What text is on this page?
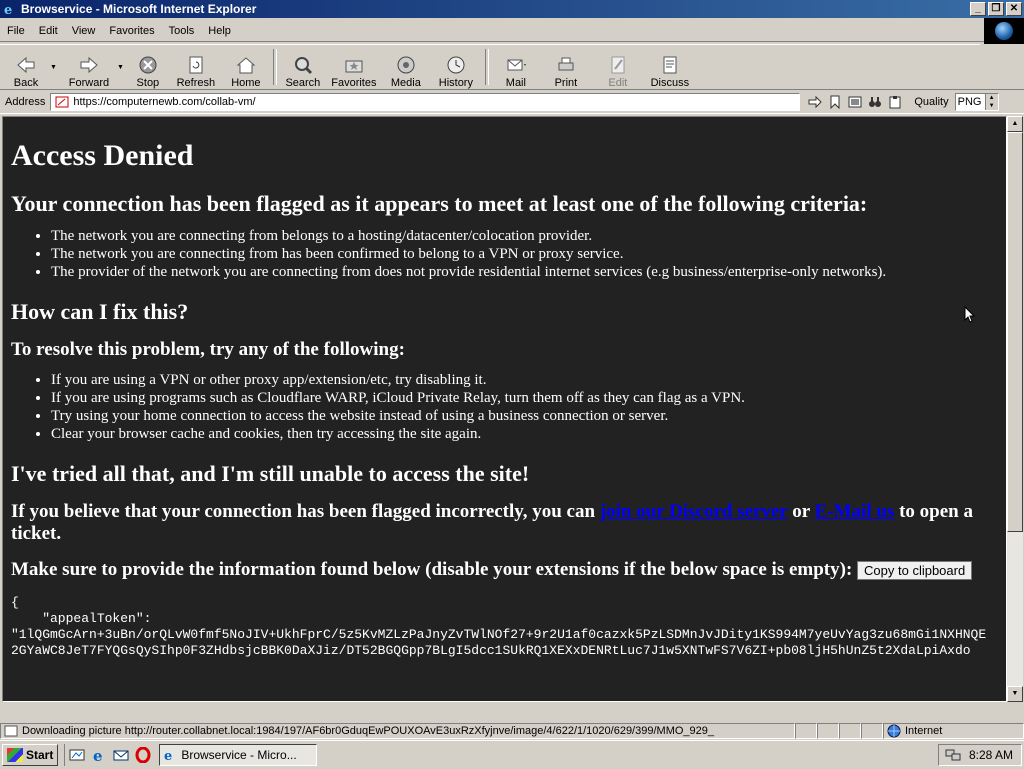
e Browservice - Microsoft Internet Explorer	_	❐ ✕
File	Edit	View	Favorites	Tools	Help
Back
▼
Forward
▼
Stop Refresh Home Search Favorites Media History	Mail	Print	Edit Discuss
Address	https://computernewb.com/collab-vm/	Quality PNG	▲
▼
Access Denied
Your connection has been flagged as it appears to meet at least one of the following criteria:
• The network you are connecting from belongs to a hosting/datacenter/colocation provider.
• The network you are connecting from has been confirmed to belong to a VPN or proxy service.
• The provider of the network you are connecting from does not provide residential internet services (e.g business/enterprise-only networks).
How can I fix this?
To resolve this problem, try any of the following:
• If you are using a VPN or other proxy app/extension/etc, try disabling it.
• If you are using programs such as Cloudflare WARP, iCloud Private Relay, turn them off as they can flag as a VPN.
• Try using your home connection to access the website instead of using a business connection or server.
• Clear your browser cache and cookies, then try accessing the site again.
I've tried all that, and I'm still unable to access the site!

If you believe that your connection has been flagged incorrectly, you can join our Discord server or E-Mail us to open a ticket.

Make sure to provide the information found below (disable your extensions if the below space is empty): Copy to clipboard

{
"appealToken":
"1lQGmGcArn+3uBn/orQLvW0fmf5NoJIV+UkhFprC/5z5KvMZLzPaJnyZvTWlNOf27+9r2U1af0cazxk5PzLSDMnJvJDity1KS994M7yeUvYag3zu68mGi1NXHNQE
2GYaWC8JeT7FYQGsQySIhp0F3ZHdbsjcBBK0DaXJiz/DT52BGQGpp7BLgI5dcc1SUkRQ1XEXxDENRtLuc7J1w5XNTwFS7V6ZI+pb08ljH5hUnZ5t2XdaLpiAxdo
▲
▼
Downloading picture http://router.collabnet.local:1984/197/AF6br0GduqEwPOUXOAvE3uxRzXfyjnve/image/4/622/1/1020/629/399/MMO_929_	Internet
Start	e	e Browservice - Micro...	8:28 AM
